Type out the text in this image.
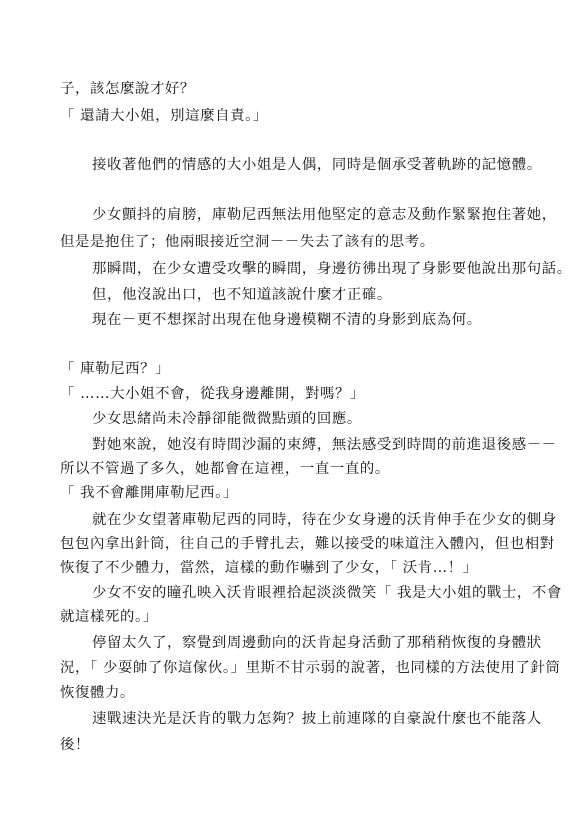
子，該怎麼說才好？
「 還請大小姐，別這麼自責。」
接收著他們的情感的大小姐是人偶，同時是個承受著軌跡的記憶體。
少女顫抖的肩膀，庫勒尼西無法用他堅定的意志及動作緊緊抱住著她，
但是是抱住了；他兩眼接近空洞－－失去了該有的思考。
那瞬間，在少女遭受攻擊的瞬間，身邊彷彿出現了身影要他說出那句話。
但，他沒說出口，也不知道該說什麼才正確。
現在－更不想探討出現在他身邊模糊不清的身影到底為何。
「 庫勒尼西？」
「 ……大小姐不會，從我身邊離開，對嗎？」
少女思緒尚未冷靜卻能微微點頭的回應。
對她來說，她沒有時間沙漏的束縛，無法感受到時間的前進退後感－－
所以不管過了多久，她都會在這裡，一直一直的。
「 我不會離開庫勒尼西。」
就在少女望著庫勒尼西的同時，待在少女身邊的沃肯伸手在少女的側身
包包內拿出針筒，往自己的手臂扎去，難以接受的味道注入體內，但也相對
恢復了不少體力，當然，這樣的動作嚇到了少女，「 沃肯…！」
少女不安的瞳孔映入沃肯眼裡拾起淡淡微笑「 我是大小姐的戰士，不會
就這樣死的。」
停留太久了，察覺到周邊動向的沃肯起身活動了那稍稍恢復的身體狀
況，「 少耍帥了你這傢伙。」里斯不甘示弱的說著，也同樣的方法使用了針筒
恢復體力。
速戰速決光是沃肯的戰力怎夠？披上前連隊的自豪說什麼也不能落人
後！
